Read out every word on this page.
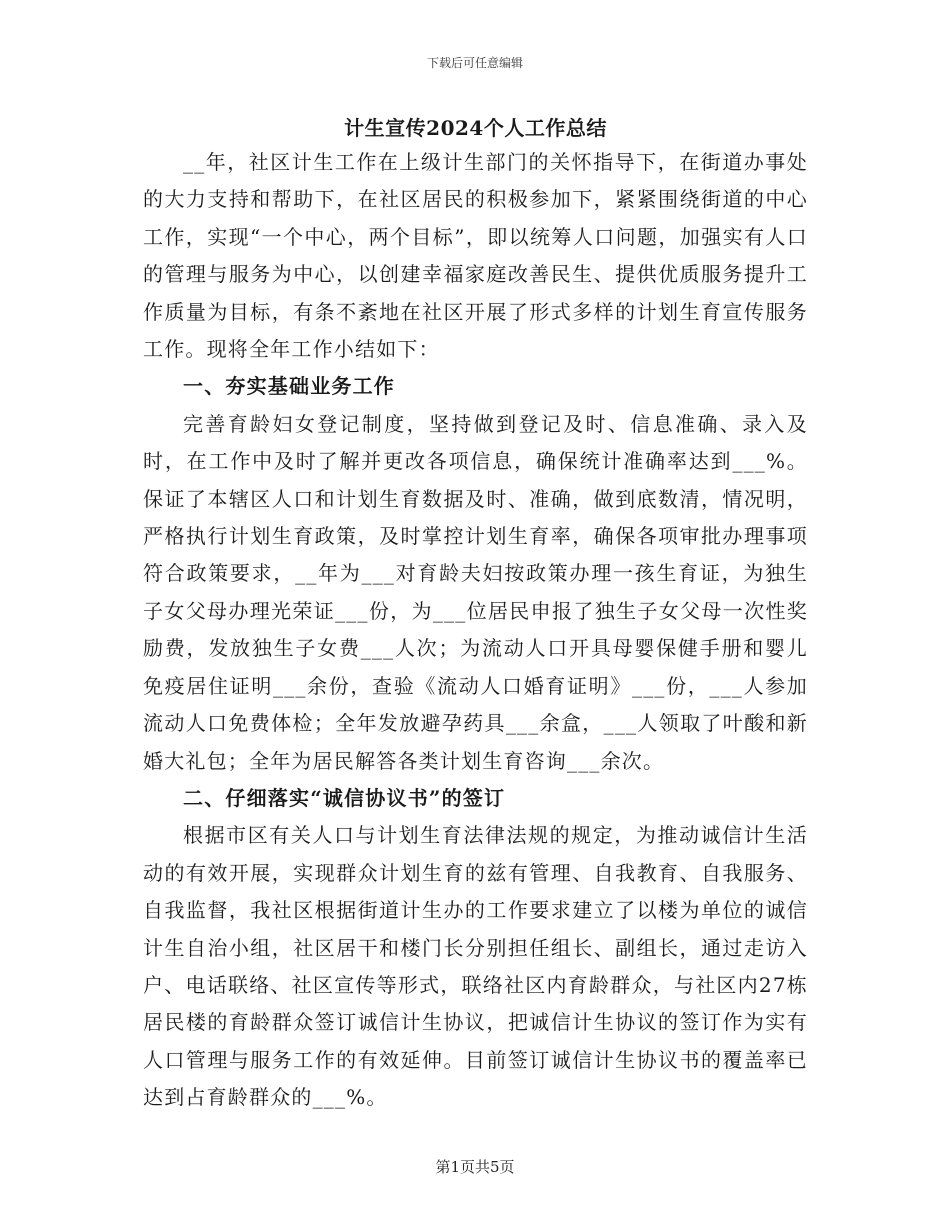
下载后可任意编辑

计生宣传2024个人工作总结

__年，社区计生工作在上级计生部门的关怀指导下，在街道办事处的大力支持和帮助下，在社区居民的积极参加下，紧紧围绕街道的中心工作，实现“一个中心，两个目标”，即以统筹人口问题，加强实有人口的管理与服务为中心，以创建幸福家庭改善民生、提供优质服务提升工作质量为目标，有条不紊地在社区开展了形式多样的计划生育宣传服务工作。现将全年工作小结如下：

一、夯实基础业务工作

完善育龄妇女登记制度，坚持做到登记及时、信息准确、录入及时，在工作中及时了解并更改各项信息，确保统计准确率达到___%。保证了本辖区人口和计划生育数据及时、准确，做到底数清，情况明，严格执行计划生育政策，及时掌控计划生育率，确保各项审批办理事项符合政策要求，__年为___对育龄夫妇按政策办理一孩生育证，为独生子女父母办理光荣证___份，为___位居民申报了独生子女父母一次性奖励费，发放独生子女费___人次；为流动人口开具母婴保健手册和婴儿免疫居住证明___余份，查验《流动人口婚育证明》___份，___人参加流动人口免费体检；全年发放避孕药具___余盒，___人领取了叶酸和新婚大礼包；全年为居民解答各类计划生育咨询___余次。

二、仔细落实“诚信协议书”的签订

根据市区有关人口与计划生育法律法规的规定，为推动诚信计生活动的有效开展，实现群众计划生育的兹有管理、自我教育、自我服务、自我监督，我社区根据街道计生办的工作要求建立了以楼为单位的诚信计生自治小组，社区居干和楼门长分别担任组长、副组长，通过走访入户、电话联络、社区宣传等形式，联络社区内育龄群众，与社区内27栋居民楼的育龄群众签订诚信计生协议，把诚信计生协议的签订作为实有人口管理与服务工作的有效延伸。目前签订诚信计生协议书的覆盖率已达到占育龄群众的___%。

第1页共5页
